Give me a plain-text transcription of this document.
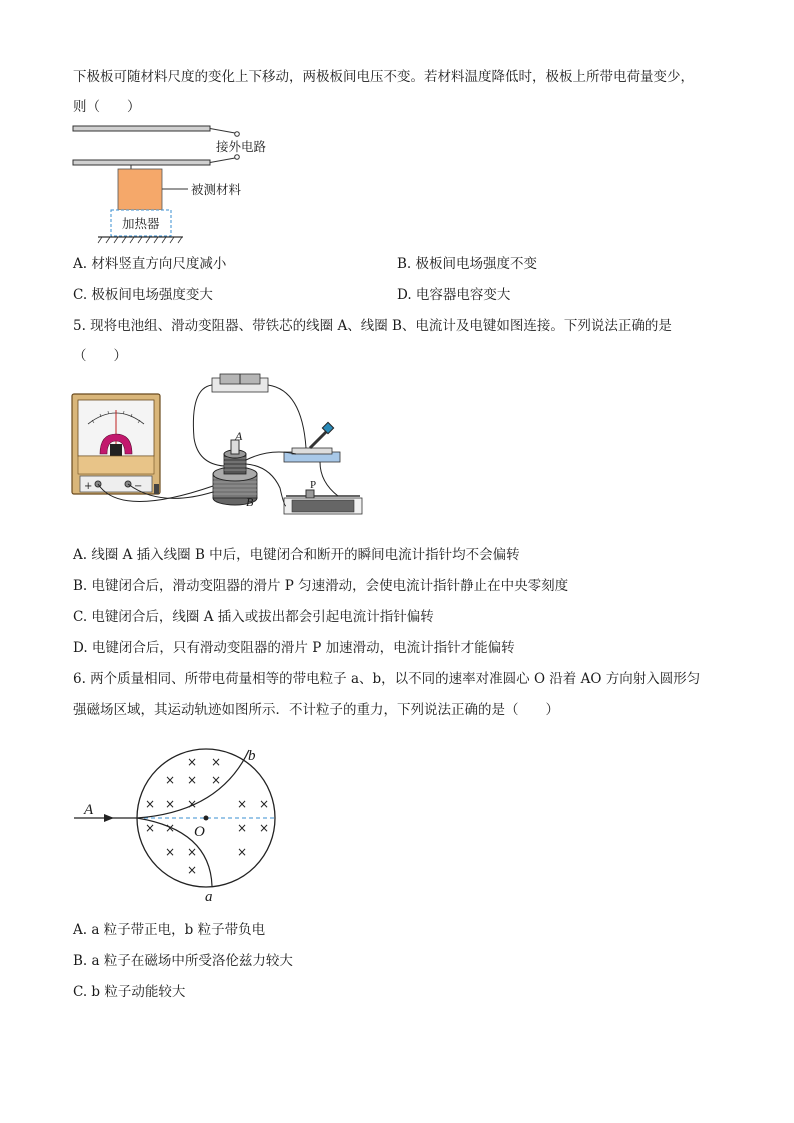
下极板可随材料尺度的变化上下移动，两极板间电压不变。若材料温度降低时，极板上所带电荷量变少，
则（　　）
接外电路
被测材料
加热器
A. 材料竖直方向尺度减小	B. 极板间电场强度不变
C. 极板间电场强度变大	D. 电容器电容变大
5. 现将电池组、滑动变阻器、带铁芯的线圈 A、线圈 B、电流计及电键如图连接。下列说法正确的是
（　　）
+	−
A
B
P
A. 线圈 A 插入线圈 B 中后，电键闭合和断开的瞬间电流计指针均不会偏转
B. 电键闭合后，滑动变阻器的滑片 P 匀速滑动，会使电流计指针静止在中央零刻度
C. 电键闭合后，线圈 A 插入或拔出都会引起电流计指针偏转
D. 电键闭合后，只有滑动变阻器的滑片 P 加速滑动，电流计指针才能偏转
6. 两个质量相同、所带电荷量相等的带电粒子 a、b，以不同的速率对准圆心 O 沿着 AO 方向射入圆形匀
强磁场区域，其运动轨迹如图所示．不计粒子的重力，下列说法正确的是（　　）
A
O
b
a
× ×
× × ×
× × ×	× ×
× ×	× ×
× ×	×
×
A. a 粒子带正电，b 粒子带负电
B. a 粒子在磁场中所受洛伦兹力较大
C. b 粒子动能较大
